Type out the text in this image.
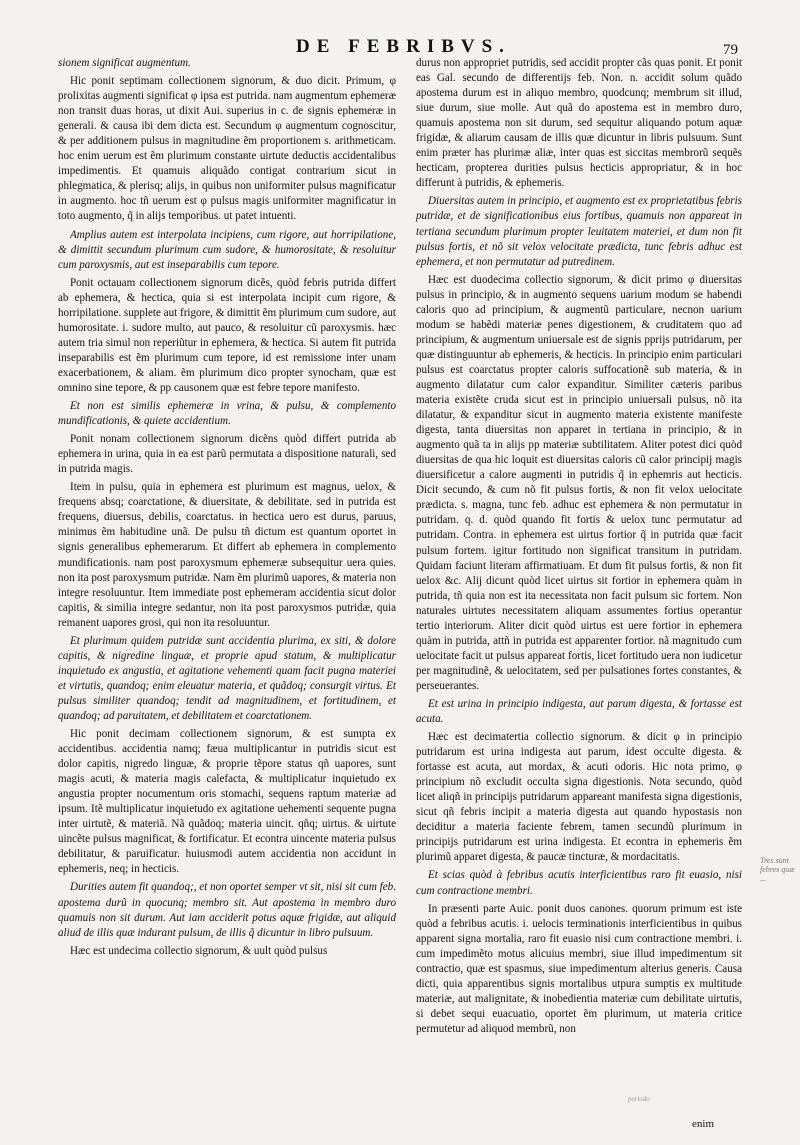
DE FEBRIBVS.	79

sionem significat augmentum.

Hic ponit septimam collectionem signorum, & duo dicit. Primum, φ prolixitas augmenti significat φ ipsa est putrida. nam augmentum ephemeræ non transit duas horas, ut dixit Aui. superius in c. de signis ephemeræ in generali. & causa ibi dem dicta est. Secundum φ augmentum cognoscitur, & per additionem pulsus in magnitudine ẽm proportionem s. arithmeticam. hoc enim uerum est ẽm plurimum constante uirtute deductis accidentalibus impedimentis. Et quamuis aliquãdo contigat contrarium sicut in phlegmatica, & plerisq; alijs, in quibus non uniformiter pulsus magnificatur in augmento. hoc tñ uerum est φ pulsus magis uniformiter magnificatur in toto augmento, q̃ in alijs temporibus. ut patet intuenti.

Amplius autem est interpolata incipiens, cum rigore, aut horripilatione, & dimittit secundum plurimum cum sudore, & humorositate, & resoluitur cum paroxysmis, aut est inseparabilis cum tepore.

Ponit octauam collectionem signorum dicẽs, quòd febris putrida differt ab ephemera, & hectica, quia si est interpolata incipit cum rigore, & horripilatione. supplete aut frigore, & dimittit ẽm plurimum cum sudore, aut humorositate. i. sudore multo, aut pauco, & resoluitur cũ paroxysmis. hæc autem tria simul non reperiũtur in ephemera, & hectica. Si autem fit putrida inseparabilis est ẽm plurimum cum tepore, id est remissione inter unam exacerbationem, & aliam. ẽm plurimum dico propter synocham, quæ est omnino sine tepore, & pp causonem quæ est febre tepore manifesto.

Et non est similis ephemeræ in vrina, & pulsu, & complemento mundificationis, & quiete accidentium.

Ponit nonam collectionem signorum dicẽns quòd differt putrida ab ephemera in urina, quia in ea est parũ permutata a dispositione naturali, sed in putrida magis.

Item in pulsu, quia in ephemera est plurimum est magnus, uelox, & frequens absq; coarctatione, & diuersitate, & debilitate. sed in putrida est frequens, diuersus, debilis, coarctatus. in hectica uero est durus, paruus, minimus ẽm habitudine unã. De pulsu tñ dictum est quantum oportet in signis generalibus ephemerarum. Et differt ab ephemera in complemento mundificationis. nam post paroxysmum ephemeræ subsequitur uera quies. non ita post paroxysmum putridæ. Nam ẽm plurimũ uapores, & materia non integre resoluuntur. Item immediate post ephemeram accidentia sicut dolor capitis, & similia integre sedantur, non ita post paroxysmos putridæ, quia remanent uapores grosi, qui non ita resoluuntur.

Et plurimum quidem putridæ sunt accidentia plurima, ex siti, & dolore capitis, & nigredine linguæ, et proprie apud statum, & multiplicatur inquietudo ex angustia, et agitatione vehementi quam facit pugna materiei et virtutis, quandoq; enim eleuatur materia, et quãdoq; consurgit virtus. Et pulsus similiter quandoq; tendit ad magnitudinem, et fortitudinem, et quandoq; ad paruitatem, et debilitatem et coarctationem.

Hic ponit decimam collectionem signorum, & est sumpta ex accidentibus. accidentia namq; fæua multiplicantur in putridis sicut est dolor capitis, nigredo linguæ, & proprie tẽpore status qñ uapores, sunt magis acuti, & materia magis calefacta, & multiplicatur inquietudo ex angustia propter nocumentum oris stomachi, sequens raptum materiæ ad ipsum. Itẽ multiplicatur inquietudo ex agitatione uehementi sequente pugna inter uirtutẽ, & materiã. Nã quãdoq; materia uincit. qñq; uirtus. & uirtute uincẽte pulsus magnificat, & fortificatur. Et econtra uincente materia pulsus debilitatur, & paruificatur. huiusmodi autem accidentia non accidunt in ephemeris, neq; in hecticis.

Durities autem fit quandoq;, et non oportet semper vt sit, nisi sit cum feb. apostema durũ in quocunq; membro sit. Aut apostema in membro duro quamuis non sit durum. Aut iam acciderit potus aquæ frigidæ, aut aliquid aliud de illis quæ indurant pulsum, de illis q̃ dicuntur in libro pulsuum.

Hæc est undecima collectio signorum, & uult quòd pulsus

durus non appropriet putridis, sed accidit propter cãs quas ponit. Et ponit eas Gal. secundo de differentijs feb. Non. n. accidit solum quãdo apostema durum est in aliquo membro, quodcunq; membrum sit illud, siue durum, siue molle. Aut quã do apostema est in membro duro, quamuis apostema non sit durum, sed sequitur aliquando potum aquæ frigidæ, & aliarum causam de illis quæ dicuntur in libris pulsuum. Sunt enim præter has plurimæ aliæ, inter quas est siccitas membrorũ sequẽs hecticam, propterea durities pulsus hecticis appropriatur, & in hoc differunt à putridis, & ephemeris.

Diuersitas autem in principio, et augmento est ex proprietatibus febris putridæ, et de significationibus eius fortibus, quamuis non appareat in tertiana secundum plurimum propter leuitatem materiei, et dum non fit pulsus fortis, et nõ sit velox velocitate prædicta, tunc febris adhuc est ephemera, et non permutatur ad putredinem.

Hæc est duodecima collectio signorum, & dicit primo φ diuersitas pulsus in principio, & in augmento sequens uarium modum se habendi caloris quo ad principium, & augmentũ particulare, necnon uarium modum se habẽdi materiæ penes digestionem, & cruditatem quo ad principium, & augmentum uniuersale est de signis pprijs putridarum, per quæ distinguuntur ab ephemeris, & hecticis. In principio enim particulari pulsus est coarctatus propter caloris suffocationẽ sub materia, & in augmento dilatatur cum calor expanditur. Similiter cæteris paribus materia existẽte cruda sicut est in principio uniuersali pulsus, nõ ita dilatatur, & expanditur sicut in augmento materia existente manifeste digesta, tanta diuersitas non apparet in tertiana in principio, & in augmento quã ta in alijs pp materiæ subtilitatem. Aliter potest dici quòd diuersitas de qua hic loquit est diuersitas caloris cũ calor principij magis diuersificetur a calore augmenti in putridis q̃ in ephemris aut hecticis. Dicit secundo, & cum nõ fit pulsus fortis, & non fit velox uelocitate prædicta. s. magna, tunc feb. adhuc est ephemera & non permutatur in putridam. q. d. quòd quando fit fortis & uelox tunc permutatur ad putridam. Contra. in ephemera est uirtus fortior q̃ in putrida quæ facit pulsum fortem. igitur fortitudo non significat transitum in putridam. Quidam faciunt literam affirmatiuam. Et dum fit pulsus fortis, & non fit uelox &c. Alij dicunt quòd licet uirtus sit fortior in ephemera quàm in putrida, tñ quia non est ita necessitata non facit pulsum sic fortem. Non naturales uirtutes necessitatem aliquam assumentes fortius operantur tertio interiorum. Aliter dicit quòd uirtus est uere fortior in ephemera quàm in putrida, attñ in putrida est apparenter fortior. nã magnitudo cum uelocitate facit ut pulsus appareat fortis, licet fortitudo uera non iudicetur per magnitudinẽ, & uelocitatem, sed per pulsationes fortes constantes, & perseuerantes.

Et est urina in principio indigesta, aut parum digesta, & fortasse est acuta.

Hæc est decimatertia collectio signorum. & dicit φ in principio putridarum est urina indigesta aut parum, idest occulte digesta. & fortasse est acuta, aut mordax, & acuti odoris. Hic nota primo, φ principium nõ excludit occulta signa digestionis. Nota secundo, quòd licet aliqñ in principijs putridarum appareant manifesta signa digestionis, sicut qñ febris incipit a materia digesta aut quando hypostasis non deciditur a materia faciente febrem, tamen secundũ plurimum in principijs putridarum est urina indigesta. Et econtra in ephemeris ẽm plurimũ apparet digesta, & paucæ tincturæ, & mordacitatis.

Et scias quòd à febribus acutis interficientibus raro fit euasio, nisi cum contractione membri.

In præsenti parte Auic. ponit duos canones. quorum primum est iste quòd a febribus acutis. i. uelocis terminationis interficientibus in quibus apparent signa mortalia, raro fit euasio nisi cum contractione membri. i. cum impedimẽto motus alicuius membri, siue illud impedimentum sit contractio, quæ est spasmus, siue impedimentum alterius generis. Causa dicti, quia apparentibus signis mortalibus utpura sumptis ex multitude materiæ, aut malignitate, & inobedientia materiæ cum debilitate uirtutis, si debet sequi euacuatio, oportet ẽm plurimum, ut materia critice permutetur ad aliquod membrũ, non

Tres sunt febres quæ ...
periodo
enim
